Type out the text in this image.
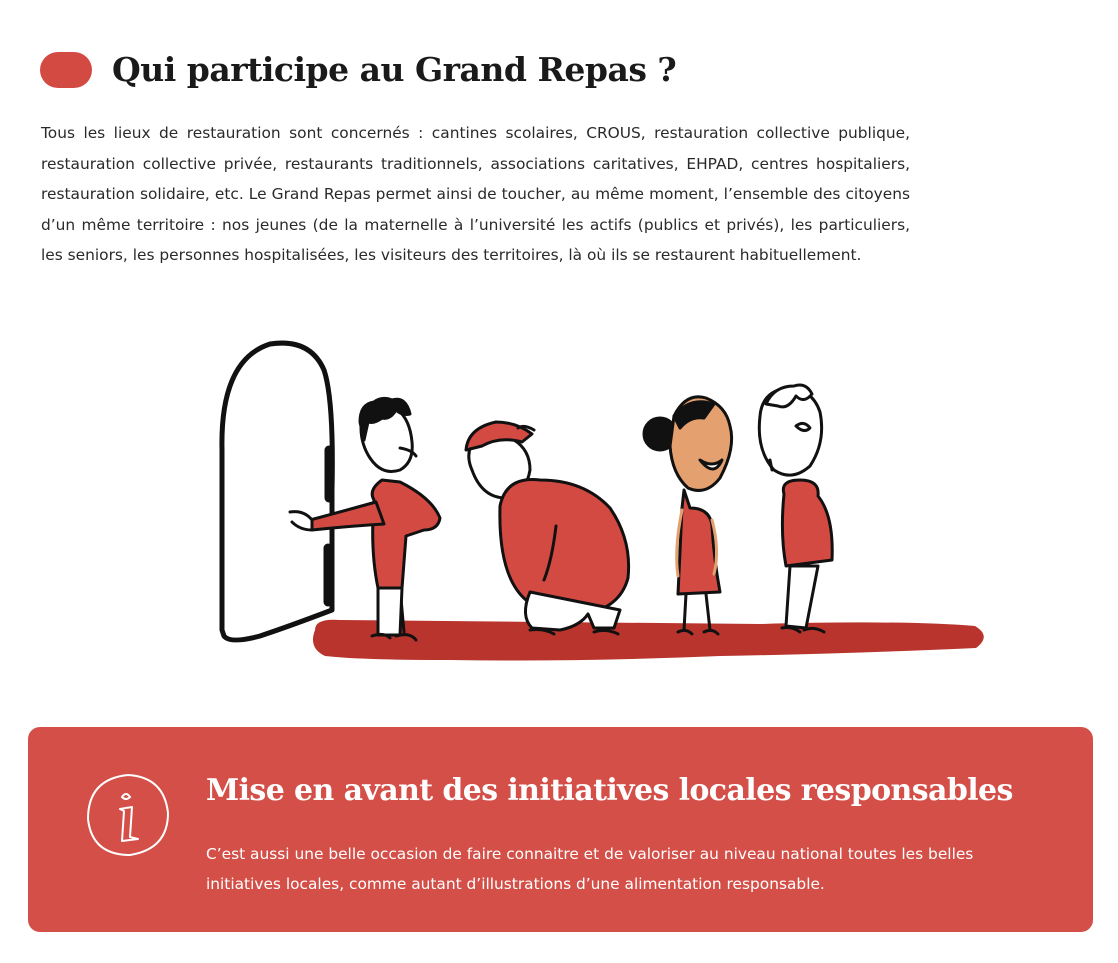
Qui participe au Grand Repas ?

Tous les lieux de restauration sont concernés : cantines scolaires, CROUS, restauration collective publique, restauration collective privée, restaurants traditionnels, associations caritatives, EHPAD, centres hospitaliers, restauration solidaire, etc. Le Grand Repas permet ainsi de toucher, au même moment, l’ensemble des citoyens d’un même territoire : nos jeunes (de la maternelle à l’université les actifs (publics et privés), les particuliers, les seniors, les personnes hospitalisées, les visiteurs des territoires, là où ils se restaurent habituellement.

Mise en avant des initiatives locales responsables

C’est aussi une belle occasion de faire connaitre et de valoriser au niveau national toutes les belles initiatives locales, comme autant d’illustrations d’une alimentation responsable.
